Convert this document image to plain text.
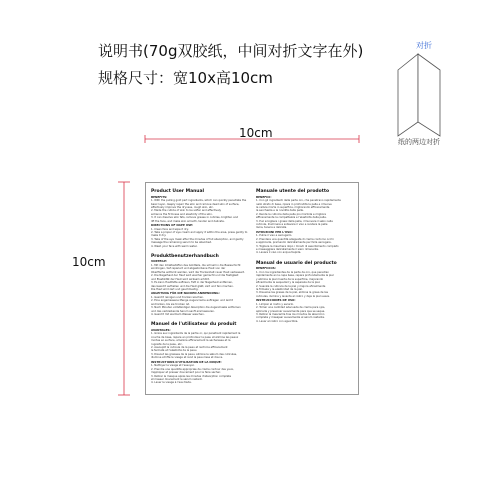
说明书(70g双胶纸，中间对折文字在外)
规格尺寸：宽10x高10cm
对折
纸的两边对折
10cm
10cm
Product User Manual
BENEFITS:
1. With the pulling gold part ingredients, which can quickly penetrate the
basic layer, deeply repair the skin and remove dead skin of surface,
effectively improve the dryness, rough skin, etc.
2. Made the cuticle of skin to be softer and effectively
enhance the firmness and elasticity of the skin.
3. It can dissolve skin fats, remove grease in cuticles, brighten and
lift the face, and make skin smooth, tender and delicate.
DIRECTIONS OF NAPE USE:
1. Clean face and wipe it dry.
2. Take a proper of eye cream and apply it within the area, press gently to
make it dry.
3. Take of the eye mask after the minutes of full absorption, and gently
massage the remaining serum to be absorbed.
4. Wash your face with warm water.
Produktbenutzerhandbuch
VORTEILE:
1. Mit den Inhaltsstoffen des Goldteils, die schnell in die Basisschicht
eindringen, tief repariert und abgestorbene Haut von der
Oberfläche entfernt werden, wird die Trockenheit rauer Haut verbessert.
2. Die Nagelhaut der Haut wird weicher gemacht und die Festigkeit
und Elastizität der Haut wird wirksam erhöht.
3. Es kann Hautfette auflösen, Fett in der Nagelhaut entfernen,
das Gesicht aufhellen und die Haut glatt, zart und fein machen.
Die Haut wird zart und geschmeidig.
ANLEITUNG FÜR DIE NACKEN ANWENDUNG:
1. Gesicht reinigen und trocken wischen.
2. Eine angemessene Menge Augencreme auftragen und leicht
andrücken, bis sie trocken ist.
3. Nach Minuten vollständiger Absorption die Augenmaske entfernen
und das verbleibende Serum sanft einmassieren.
4. Gesicht mit warmem Wasser waschen.
Manuel de l'utilisateur du produit
AVANTAGES:
1. Grâce aux ingrédients de la partie or, qui pénètrent rapidement la
couche de base, répare en profondeur la peau et élimine les peaux
mortes en surface, améliore efficacement la sécheresse et la
rugosité de la peau, etc.
2. Assouplit la cuticule de la peau et renforce efficacement
la fermeté et l'élasticité de la peau.
3. Dissout les graisses de la peau, élimine le sébum des cuticules,
illumine et lifte le visage et rend la peau lisse et douce.
INSTRUCTIONS D'UTILISATION DE LA NUQUE:
1. Nettoyer le visage et l'essuyer.
2. Prendre une quantité appropriée de crème contour des yeux,
l'appliquer et presser doucement pour la faire sécher.
3. Retirer le masque après les minutes d'absorption complète
et masser doucement le sérum restant.
4. Laver le visage à l'eau tiède.
Manuale utente del prodotto
BENEFICI:
1. Con gli ingredienti della parte oro, che penetrano rapidamente
nello strato di base, ripara in profondità la pelle e rimuove
le cellule morte in superficie, migliorando efficacemente
la secchezza e la ruvidità della pelle.
2. Rende la cuticola della pelle più morbida e migliora
efficacemente la compattezza e l'elasticità della pelle.
3. Può sciogliere i grassi della pelle, rimuovere il sebo nelle
cuticole, illuminare e sollevare il viso e rendere la pelle
liscia, tenera e delicata.
ISTRUZIONI PER L'USO:
1. Pulire il viso e asciugarlo.
2. Prendere una quantità adeguata di crema contorno occhi
e applicarla, premendo delicatamente per farla asciugare.
3. Togliere la maschera dopo i minuti di assorbimento completo
e massaggiare delicatamente il siero rimanente.
4. Lavare il viso con acqua tiepida.
Manual de usuario del producto
BENEFICIOS:
1. Con los ingredientes de la parte de oro, que penetran
rápidamente en la capa base, repara profundamente la piel
y elimina la piel muerta de la superficie, mejorando
eficazmente la sequedad y la aspereza de la piel.
2. Suaviza la cutícula de la piel y mejora eficazmente
la firmeza y la elasticidad de la piel.
3. Disuelve las grasas de la piel, elimina la grasa de las
cutículas, ilumina y levanta el rostro y deja la piel suave.
INSTRUCCIONES DE USO:
1. Limpiar el rostro y secarlo.
2. Tomar una cantidad adecuada de crema para ojos,
aplicarla y presionar suavemente para que se seque.
3. Retirar la mascarilla tras los minutos de absorción
completa y masajear suavemente el sérum restante.
4. Lavar el rostro con agua tibia.
